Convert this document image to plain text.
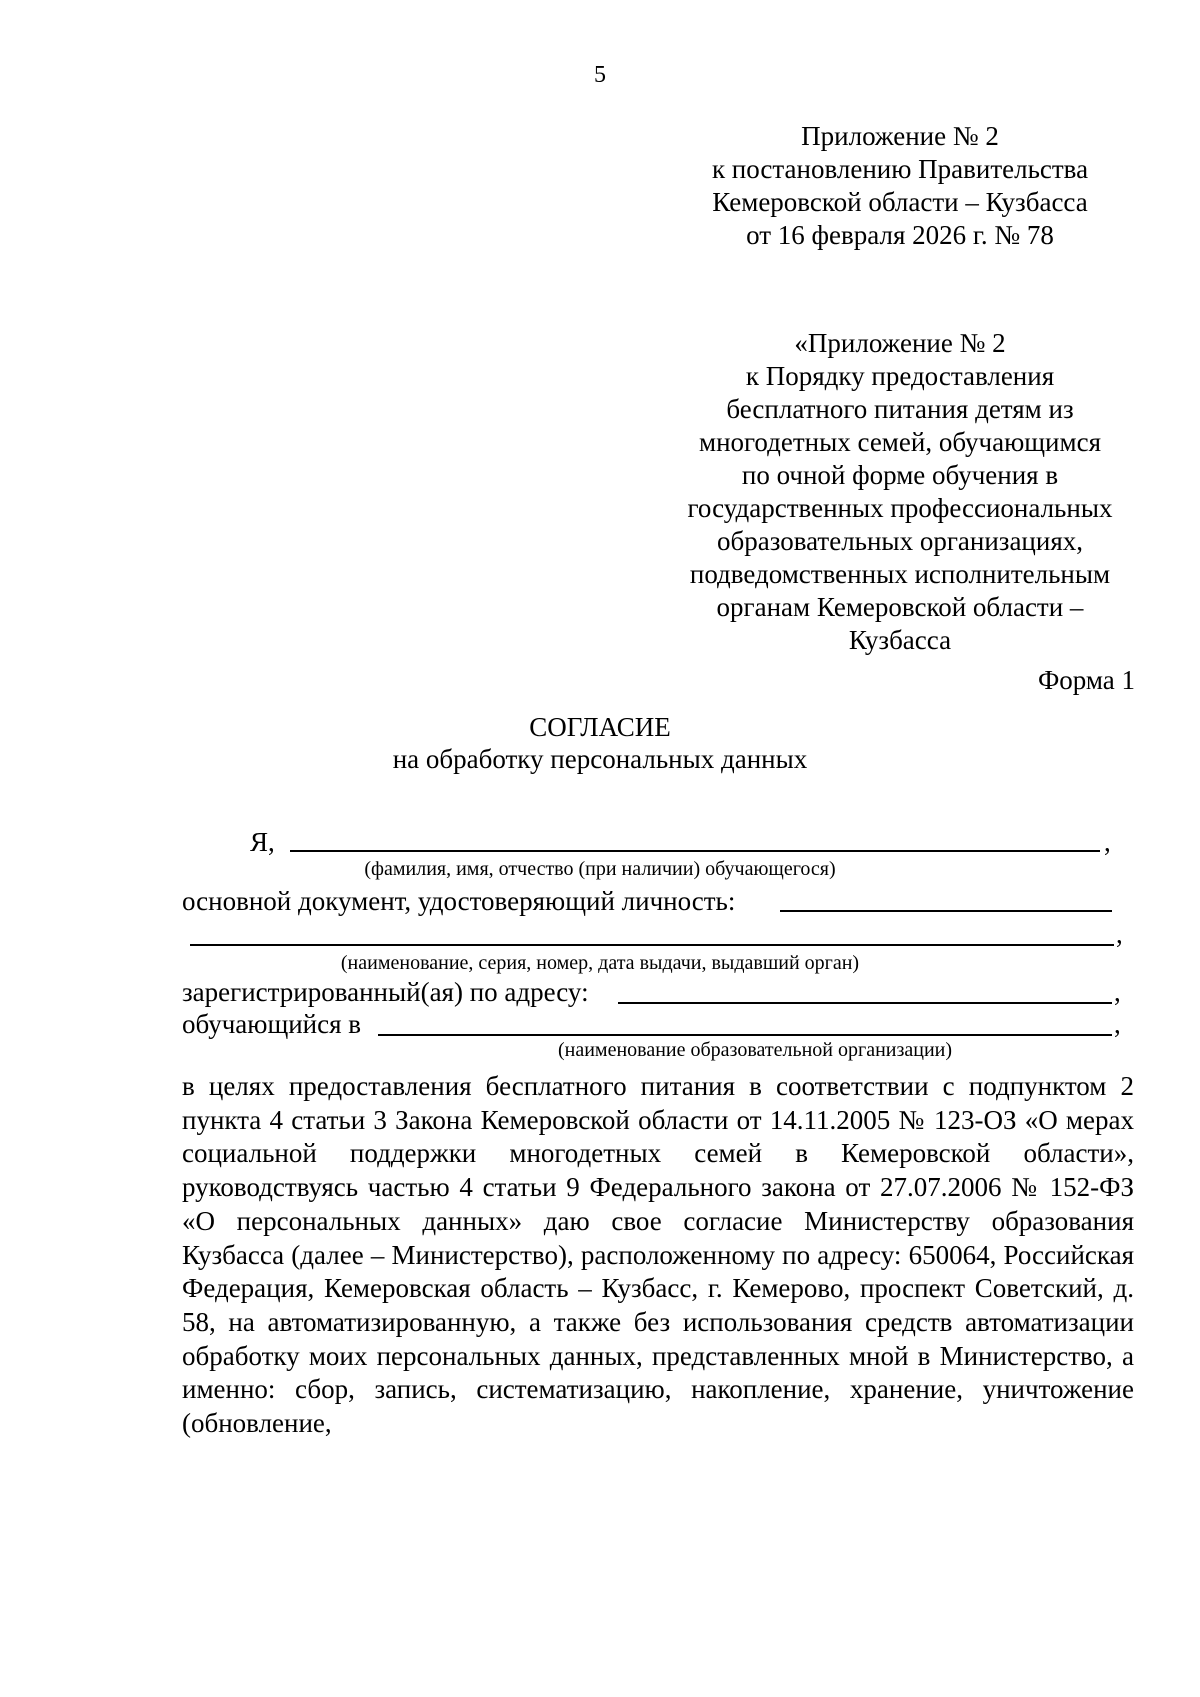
5
Приложение № 2
к постановлению Правительства
Кемеровской области – Кузбасса
от 16 февраля 2026 г. № 78
«Приложение № 2
к Порядку предоставления
бесплатного питания детям из
многодетных семей, обучающимся
по очной форме обучения в
государственных профессиональных
образовательных организациях,
подведомственных исполнительным
органам Кемеровской области –
Кузбасса
Форма 1
СОГЛАСИЕ
на обработку персональных данных
Я,	,
(фамилия, имя, отчество (при наличии) обучающегося)
основной документ, удостоверяющий личность:
,
(наименование, серия, номер, дата выдачи, выдавший орган)
зарегистрированный(ая) по адресу:	,
обучающийся в	,
(наименование образовательной организации)
в целях предоставления бесплатного питания в соответствии с подпунктом 2 пункта 4 статьи 3 Закона Кемеровской области от 14.11.2005 № 123-ОЗ «О мерах социальной поддержки многодетных семей в Кемеровской области», руководствуясь частью 4 статьи 9 Федерального закона от 27.07.2006 № 152-ФЗ «О персональных данных» даю свое согласие Министерству образования Кузбасса (далее – Министерство), расположенному по адресу: 650064, Российская Федерация, Кемеровская область – Кузбасс, г. Кемерово, проспект Советский, д. 58, на автоматизированную, а также без использования средств автоматизации обработку моих персональных данных, представленных мной в Министерство, а именно: сбор, запись, систематизацию, накопление, хранение, уничтожение (обновление,
